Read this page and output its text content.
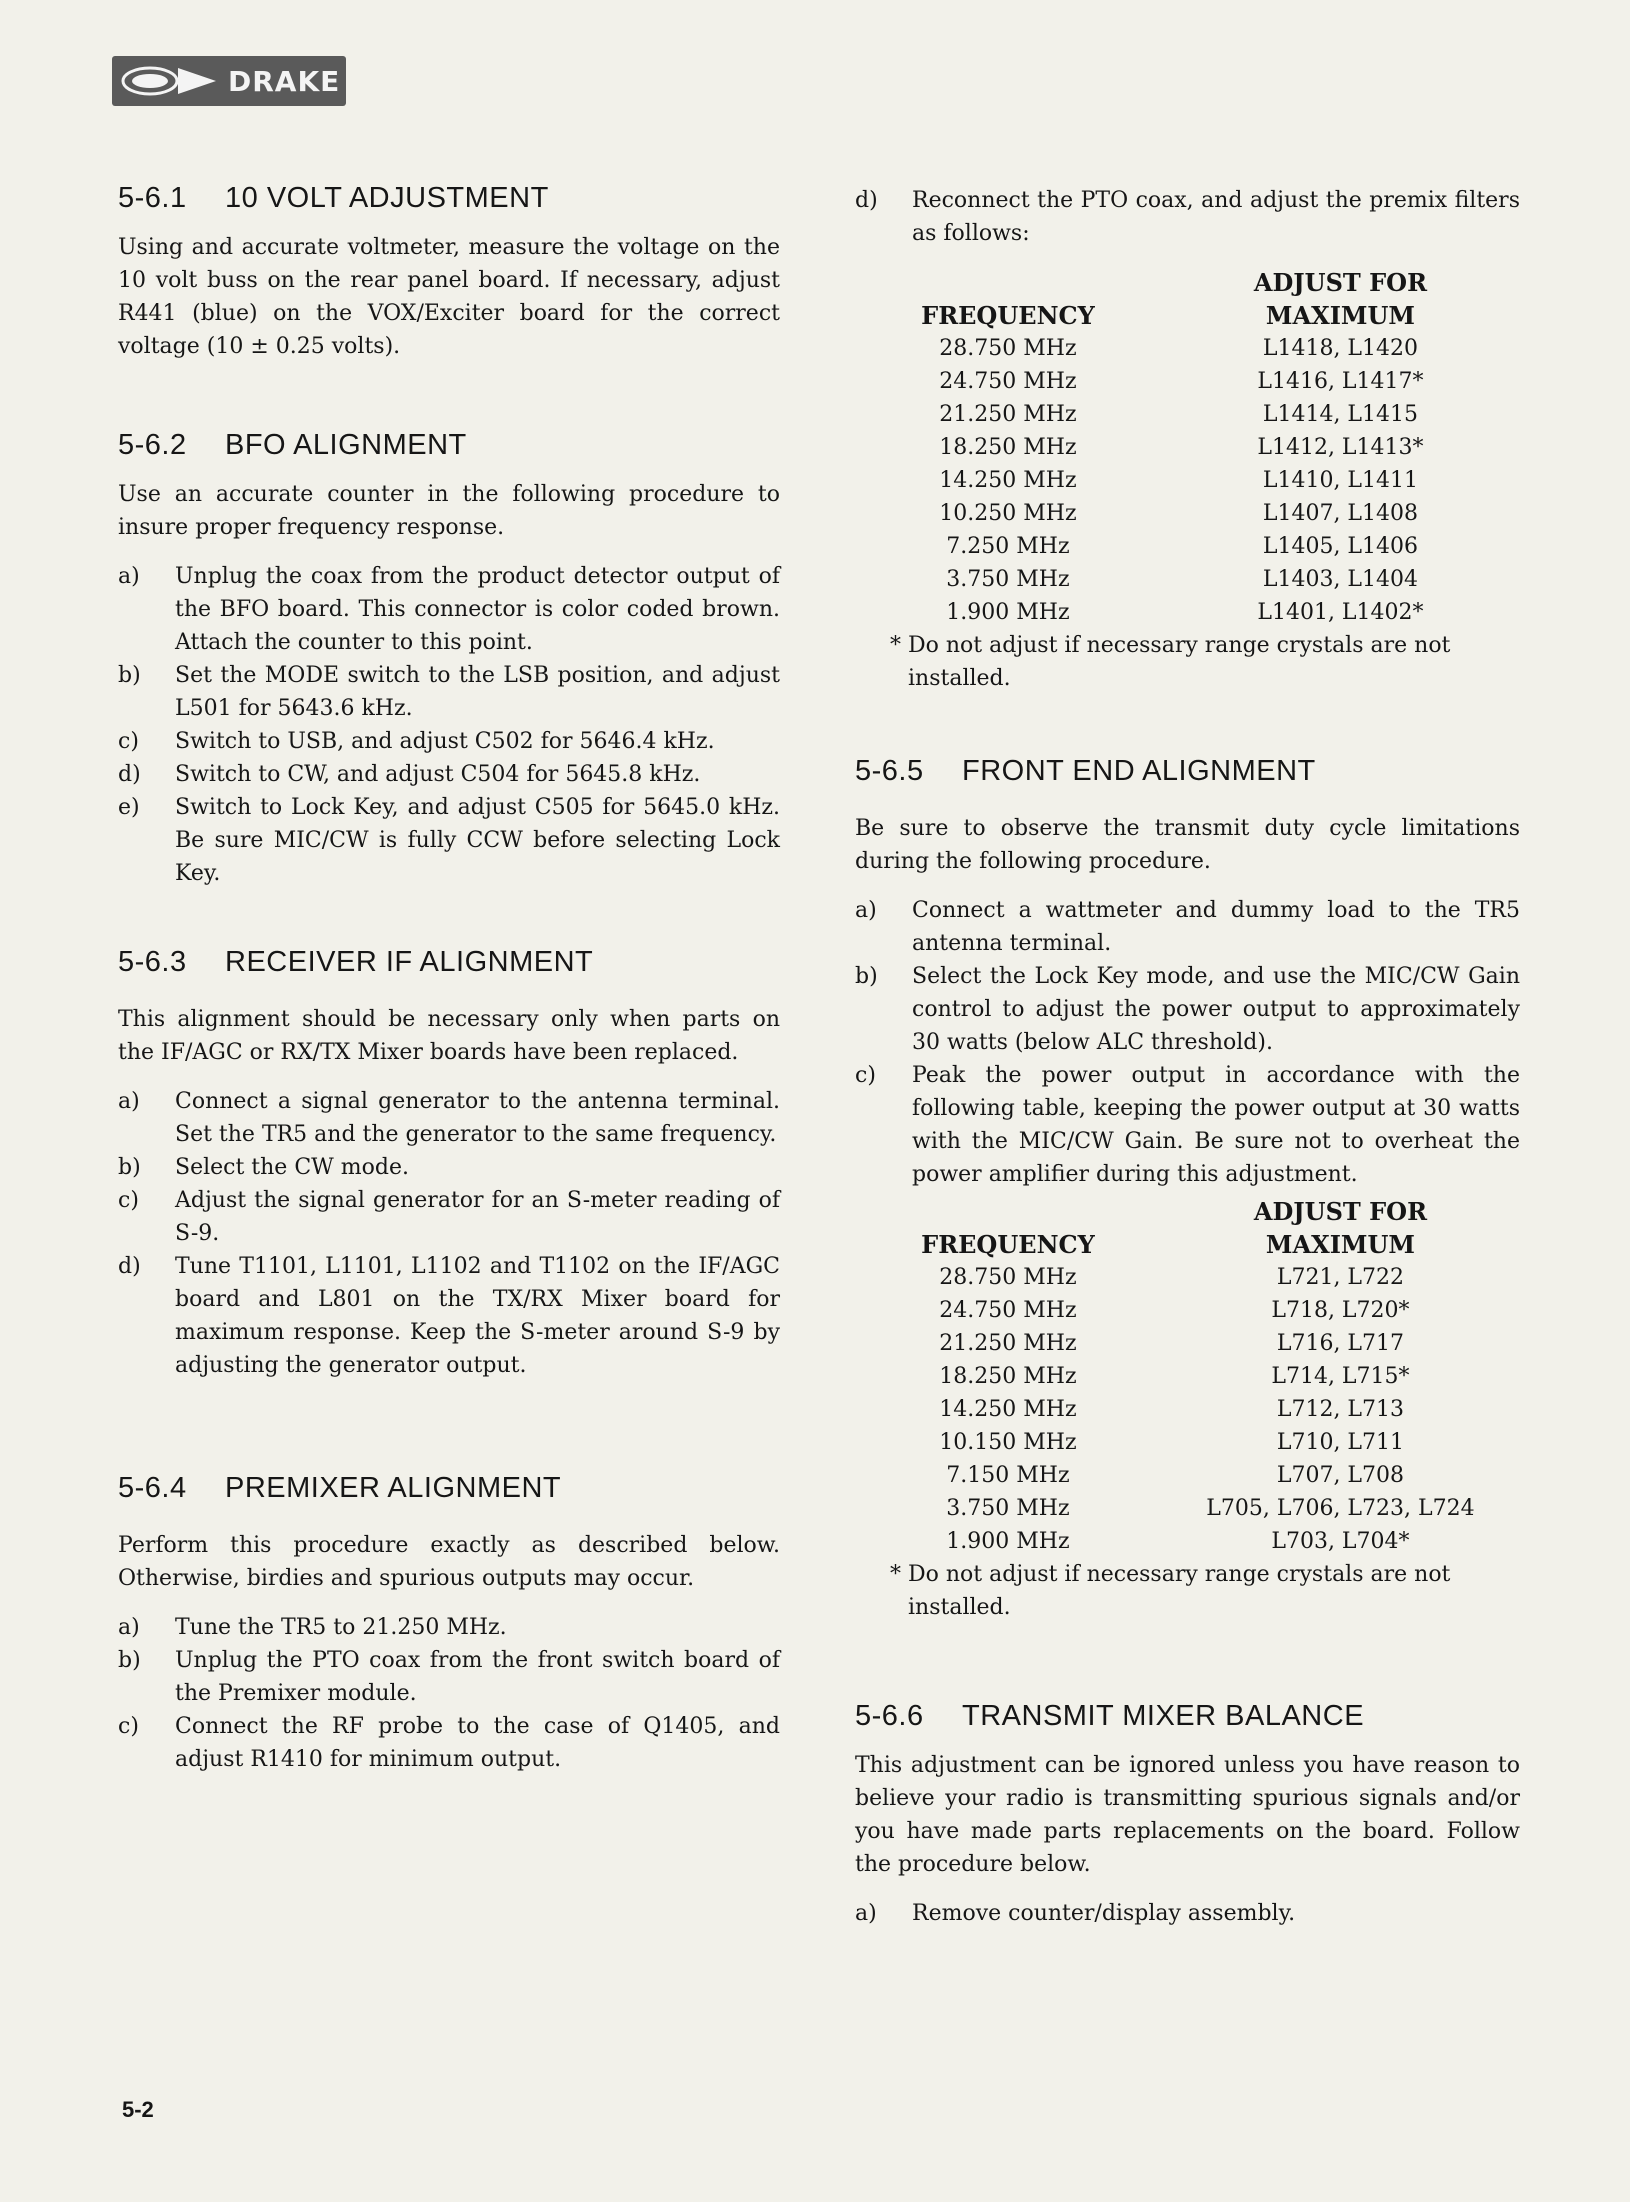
DRAKE
5-6.1 10 VOLT ADJUSTMENT

Using and accurate voltmeter, measure the voltage on the 10 volt buss on the rear panel board. If necessary, adjust R441 (blue) on the VOX/Exciter board for the correct voltage (10 ± 0.25 volts).

5-6.2 BFO ALIGNMENT

Use an accurate counter in the following procedure to insure proper frequency response.

a) Unplug the coax from the product detector output of the BFO board. This connector is color coded brown. Attach the counter to this point.
b) Set the MODE switch to the LSB position, and adjust L501 for 5643.6 kHz.
c) Switch to USB, and adjust C502 for 5646.4 kHz.
d) Switch to CW, and adjust C504 for 5645.8 kHz.
e) Switch to Lock Key, and adjust C505 for 5645.0 kHz. Be sure MIC/CW is fully CCW before selecting Lock Key.
5-6.3 RECEIVER IF ALIGNMENT

This alignment should be necessary only when parts on the IF/AGC or RX/TX Mixer boards have been replaced.

a) Connect a signal generator to the antenna terminal. Set the TR5 and the generator to the same frequency.
b) Select the CW mode.
c) Adjust the signal generator for an S-meter reading of S-9.
d) Tune T1101, L1101, L1102 and T1102 on the IF/AGC board and L801 on the TX/RX Mixer board for maximum response. Keep the S-meter around S-9 by adjusting the generator output.
5-6.4 PREMIXER ALIGNMENT

Perform this procedure exactly as described below. Otherwise, birdies and spurious outputs may occur.

a) Tune the TR5 to 21.250 MHz.
b) Unplug the PTO coax from the front switch board of the Premixer module.
c) Connect the RF probe to the case of Q1405, and adjust R1410 for minimum output.
d) Reconnect the PTO coax, and adjust the premix filters as follows:
FREQUENCY	ADJUST FOR
MAXIMUM

28.750 MHz	L1418, L1420
24.750 MHz	L1416, L1417*
21.250 MHz	L1414, L1415
18.250 MHz	L1412, L1413*
14.250 MHz	L1410, L1411
10.250 MHz	L1407, L1408
7.250 MHz	L1405, L1406
3.750 MHz	L1403, L1404
1.900 MHz	L1401, L1402*

* Do not adjust if necessary range crystals are not installed.

5-6.5 FRONT END ALIGNMENT

Be sure to observe the transmit duty cycle limitations during the following procedure.

a) Connect a wattmeter and dummy load to the TR5 antenna terminal.
b) Select the Lock Key mode, and use the MIC/CW Gain control to adjust the power output to approximately 30 watts (below ALC threshold).
c) Peak the power output in accordance with the following table, keeping the power output at 30 watts with the MIC/CW Gain. Be sure not to overheat the power amplifier during this adjustment.
FREQUENCY	ADJUST FOR
MAXIMUM

28.750 MHz	L721, L722
24.750 MHz	L718, L720*
21.250 MHz	L716, L717
18.250 MHz	L714, L715*
14.250 MHz	L712, L713
10.150 MHz	L710, L711
7.150 MHz	L707, L708
3.750 MHz	L705, L706, L723, L724
1.900 MHz	L703, L704*

* Do not adjust if necessary range crystals are not installed.

5-6.6 TRANSMIT MIXER BALANCE

This adjustment can be ignored unless you have reason to believe your radio is transmitting spurious signals and/or you have made parts replacements on the board. Follow the procedure below.

a) Remove counter/display assembly.
5-2
